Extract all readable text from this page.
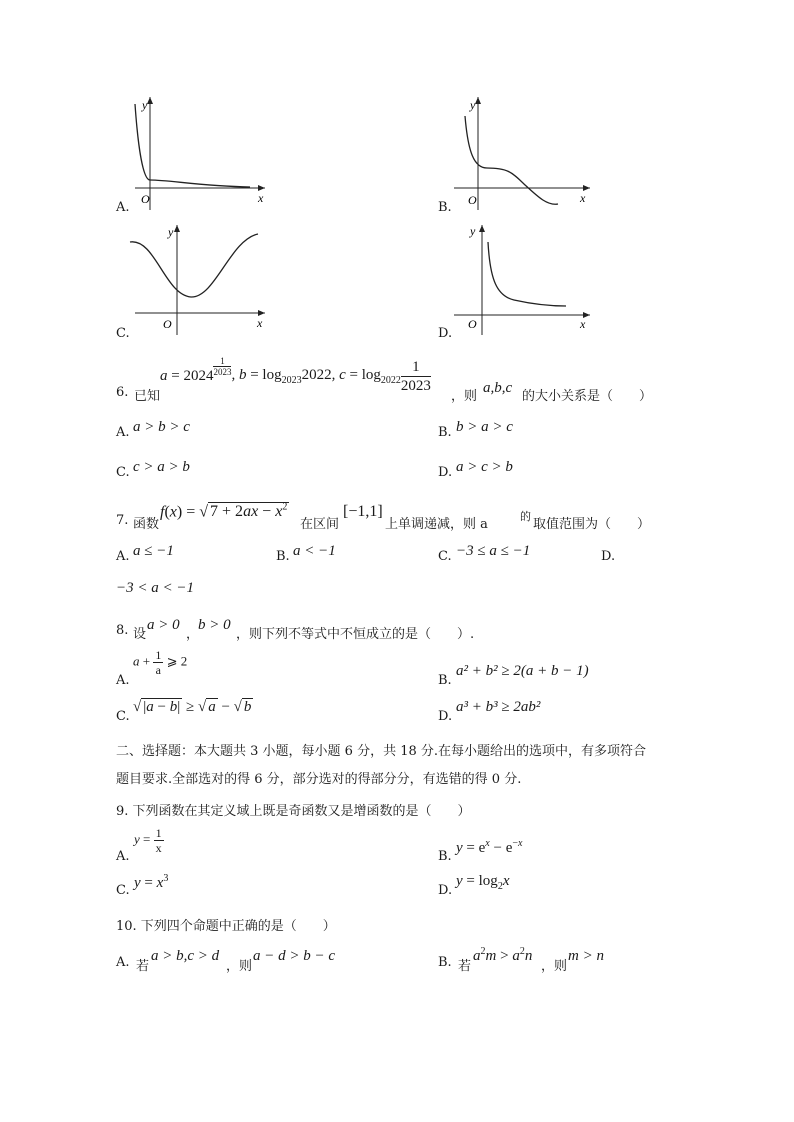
A.
y
x
O
B.
y
x
O
C.
y
x
O
D.
y
x
O
6. 已知
$a = 2024 \frac{1}{2023}$ , $b = \log_{2023}2022$, $c = \log_{2022} \frac{1}{2023}$
，则
a,b,c
的大小关系是（　　）
A. a > b > c	B. b > a > c
C. c > a > b	D. a > c > b
7. 函数
f(x) = √ $7 + 2ax - x^2$
在区间
[−1,1]
上单调递减，则 a
的
取值范围为（　　）
A. a ≤ −1	B. a < −1	C. −3 ≤ a ≤ −1	D.
−3 < a < −1
8. 设
a > 0
，
b > 0
，则下列不等式中不恒成立的是（　　）.
A.
$a + \frac{1}{a}$ ⩾ 2
B.
a² + b² ≥ 2(a + b − 1)
C.
√ |a − b| ≥ √ a − √ b
D.
a³ + b³ ≥ 2ab²
二、选择题：本大题共 3 小题，每小题 6 分，共 18 分.在每小题给出的选项中，有多项符合
题目要求.全部选对的得 6 分，部分选对的得部分分，有选错的得 0 分.
9. 下列函数在其定义域上既是奇函数又是增函数的是（　　）
A.
$y = \frac{1}{x}$
B.
$y = e^x - e^{-x}$
C. $y = x^3$
D.
$y = \log_2x$
10. 下列四个命题中正确的是（　　）
A. 若
a > b,c > d
，则
a − d > b − c	B. 若
$a^2m > a^2n$
，则
m > n
